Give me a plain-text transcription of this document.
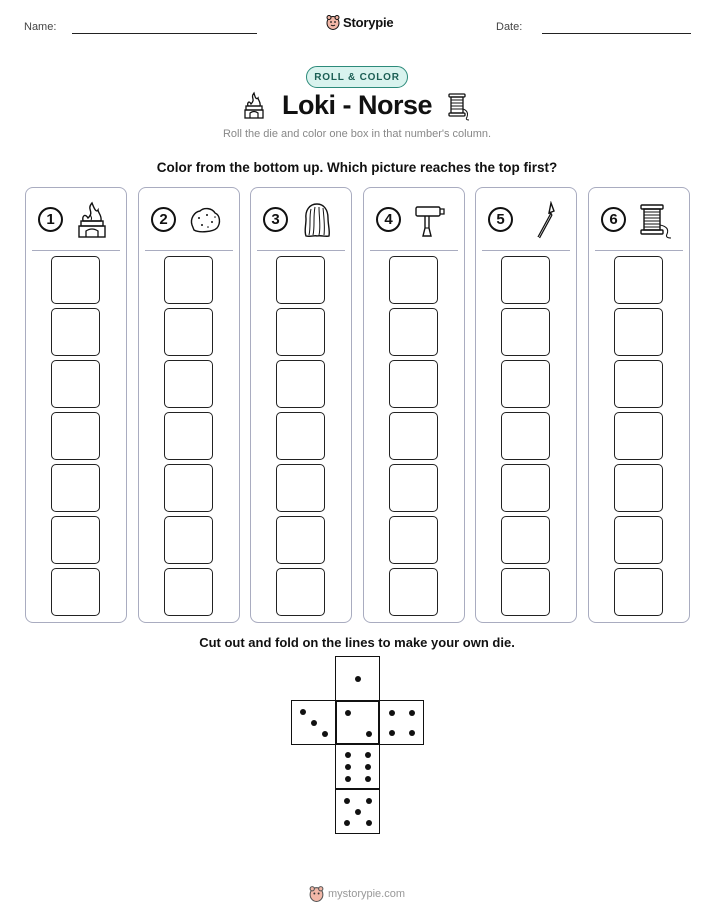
Name:	Storypie	Date:
ROLL & COLOR
Loki - Norse
Roll the die and color one box in that number's column.
Color from the bottom up. Which picture reaches the top first?
1	2	3	4	5	6
Cut out and fold on the lines to make your own die.
mystorypie.com
